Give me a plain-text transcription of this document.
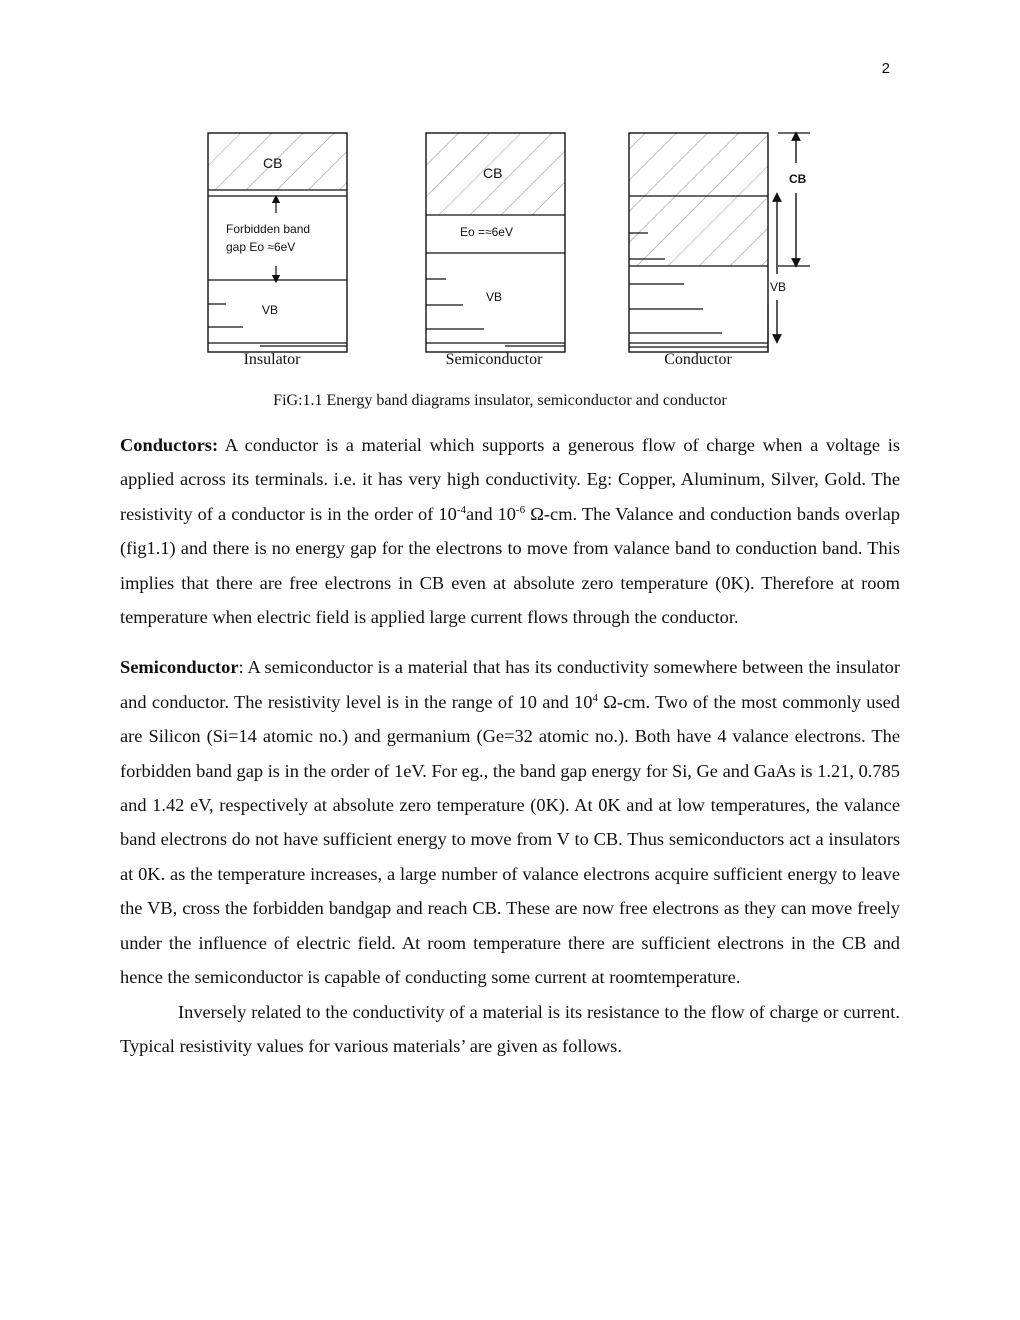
2
CB
Forbidden band
gap Eo ≈6eV
VB
Insulator
CB
Eo =≈6eV
VB
Semiconductor
CB
VB
Conductor
FiG:1.1 Energy band diagrams insulator, semiconductor and conductor

Conductors: A conductor is a material which supports a generous flow of charge when a voltage is applied across its terminals. i.e. it has very high conductivity. Eg: Copper, Aluminum, Silver, Gold. The resistivity of a conductor is in the order of $10^{-4}and$ $10^{-6}$ Ω-cm. The Valance and conduction bands overlap (fig1.1) and there is no energy gap for the electrons to move from valance band to conduction band. This implies that there are free electrons in CB even at absolute zero temperature (0K). Therefore at room temperature when electric field is applied large current flows through the conductor.

Semiconductor: A semiconductor is a material that has its conductivity somewhere between the insulator and conductor. The resistivity level is in the range of 10 and $10^4$ Ω-cm. Two of the most commonly used are Silicon (Si=14 atomic no.) and germanium (Ge=32 atomic no.). Both have 4 valance electrons. The forbidden band gap is in the order of 1eV. For eg., the band gap energy for Si, Ge and GaAs is 1.21, 0.785 and 1.42 eV, respectively at absolute zero temperature (0K). At 0K and at low temperatures, the valance band electrons do not have sufficient energy to move from V to CB. Thus semiconductors act a insulators at 0K. as the temperature increases, a large number of valance electrons acquire sufficient energy to leave the VB, cross the forbidden bandgap and reach CB. These are now free electrons as they can move freely under the influence of electric field. At room temperature there are sufficient electrons in the CB and hence the semiconductor is capable of conducting some current at roomtemperature.

Inversely related to the conductivity of a material is its resistance to the flow of charge or current. Typical resistivity values for various materials’ are given as follows.
